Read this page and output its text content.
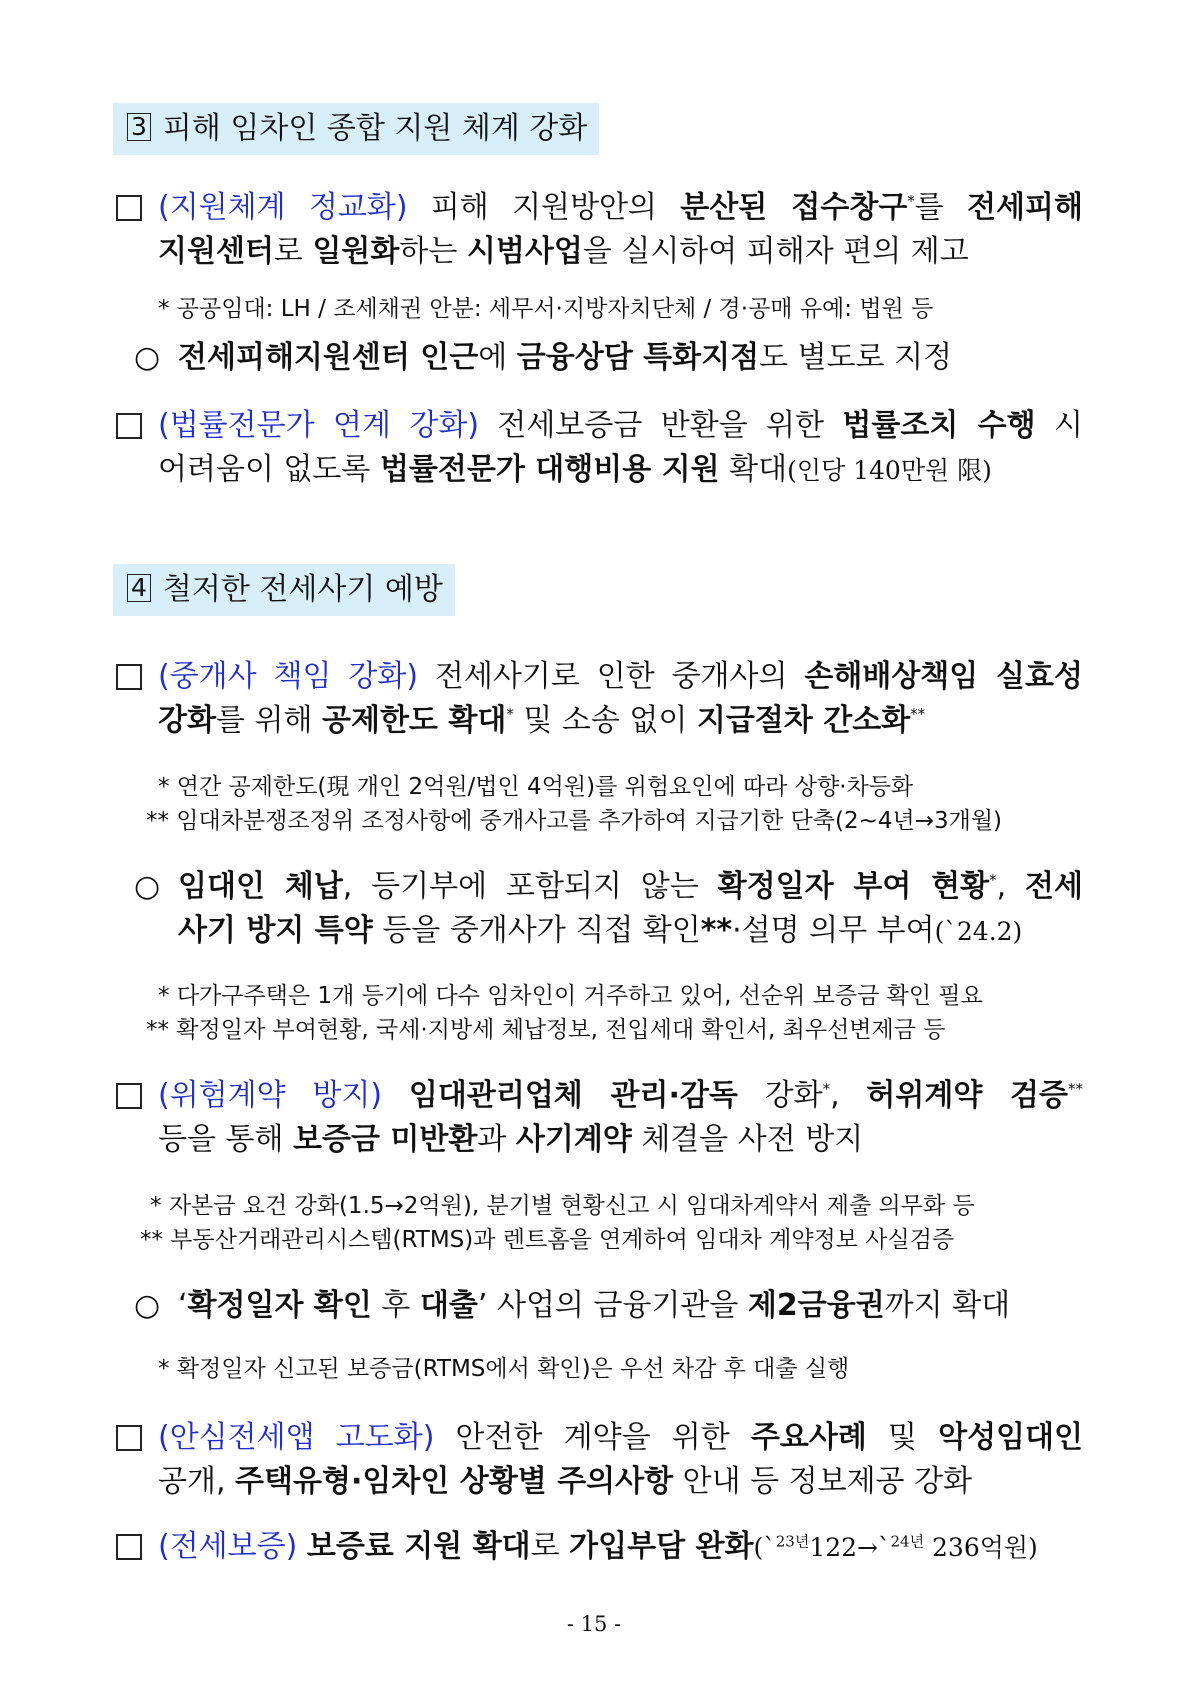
3 피해 임차인 종합 지원 체계 강화
(지원체계 정교화) 피해 지원방안의 분산된 접수창구*를 전세피해
지원센터로 일원화하는 시범사업을 실시하여 피해자 편의 제고
* 공공임대: LH / 조세채권 안분: 세무서·지방자치단체 / 경·공매 유예: 법원 등
○ 전세피해지원센터 인근에 금융상담 특화지점도 별도로 지정
(법률전문가 연계 강화) 전세보증금 반환을 위한 법률조치 수행 시
어려움이 없도록 법률전문가 대행비용 지원 확대(인당 140만원 限)
4 철저한 전세사기 예방
(중개사 책임 강화) 전세사기로 인한 중개사의 손해배상책임 실효성
강화를 위해 공제한도 확대* 및 소송 없이 지급절차 간소화**
* 연간 공제한도(現 개인 2억원/법인 4억원)를 위험요인에 따라 상향·차등화
** 임대차분쟁조정위 조정사항에 중개사고를 추가하여 지급기한 단축(2~4년→3개월)
○ 임대인 체납, 등기부에 포함되지 않는 확정일자 부여 현황*, 전세
사기 방지 특약 등을 중개사가 직접 확인**·설명 의무 부여(`24.2)
* 다가구주택은 1개 등기에 다수 임차인이 거주하고 있어, 선순위 보증금 확인 필요
** 확정일자 부여현황, 국세·지방세 체납정보, 전입세대 확인서, 최우선변제금 등
(위험계약 방지) 임대관리업체 관리·감독 강화*, 허위계약 검증**
등을 통해 보증금 미반환과 사기계약 체결을 사전 방지
* 자본금 요건 강화(1.5→2억원), 분기별 현황신고 시 임대차계약서 제출 의무화 등
** 부동산거래관리시스템(RTMS)과 렌트홈을 연계하여 임대차 계약정보 사실검증
○ ‘확정일자 확인 후 대출’ 사업의 금융기관을 제2금융권까지 확대
* 확정일자 신고된 보증금(RTMS에서 확인)은 우선 차감 후 대출 실행
(안심전세앱 고도화) 안전한 계약을 위한 주요사례 및 악성임대인
공개, 주택유형·임차인 상황별 주의사항 안내 등 정보제공 강화
(전세보증) 보증료 지원 확대로 가입부담 완화(`$^{23년}$122→`$^{24년}$ 236억원)
- 15 -
